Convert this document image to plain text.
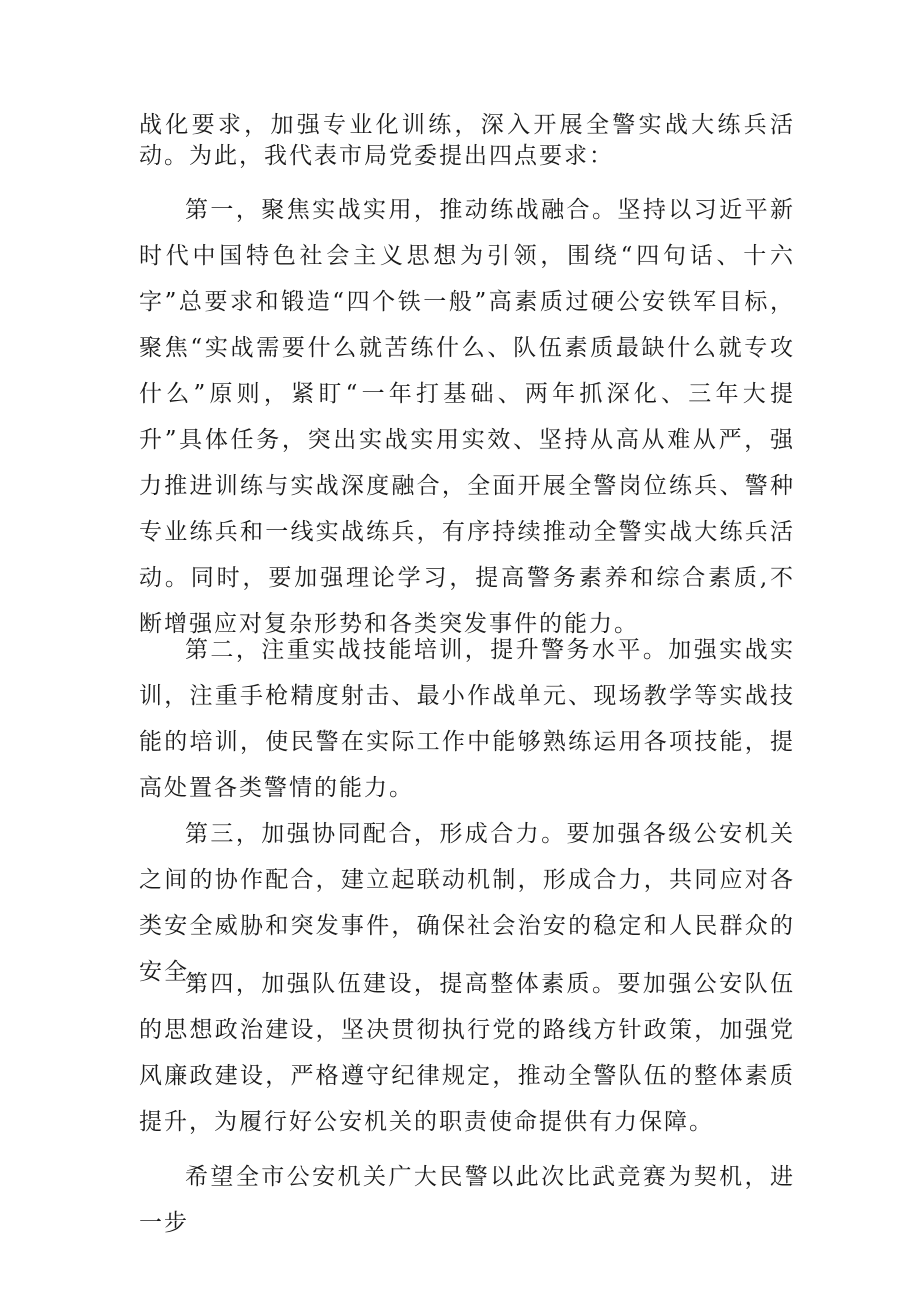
战化要求，加强专业化训练，深入开展全警实战大练兵活动。为此，我代表市局党委提出四点要求：

第一，聚焦实战实用，推动练战融合。坚持以习近平新时代中国特色社会主义思想为引领，围绕“四句话、十六字”总要求和锻造“四个铁一般”高素质过硬公安铁军目标，聚焦“实战需要什么就苦练什么、队伍素质最缺什么就专攻什么”原则，紧盯“一年打基础、两年抓深化、三年大提升”具体任务，突出实战实用实效、坚持从高从难从严，强力推进训练与实战深度融合，全面开展全警岗位练兵、警种专业练兵和一线实战练兵，有序持续推动全警实战大练兵活动。同时，要加强理论学习，提高警务素养和综合素质,不断增强应对复杂形势和各类突发事件的能力。

第二，注重实战技能培训，提升警务水平。加强实战实训，注重手枪精度射击、最小作战单元、现场教学等实战技能的培训，使民警在实际工作中能够熟练运用各项技能，提高处置各类警情的能力。

第三，加强协同配合，形成合力。要加强各级公安机关之间的协作配合，建立起联动机制，形成合力，共同应对各类安全威胁和突发事件，确保社会治安的稳定和人民群众的安全。

第四，加强队伍建设，提高整体素质。要加强公安队伍的思想政治建设，坚决贯彻执行党的路线方针政策，加强党风廉政建设，严格遵守纪律规定，推动全警队伍的整体素质提升，为履行好公安机关的职责使命提供有力保障。

希望全市公安机关广大民警以此次比武竞赛为契机，进一步
